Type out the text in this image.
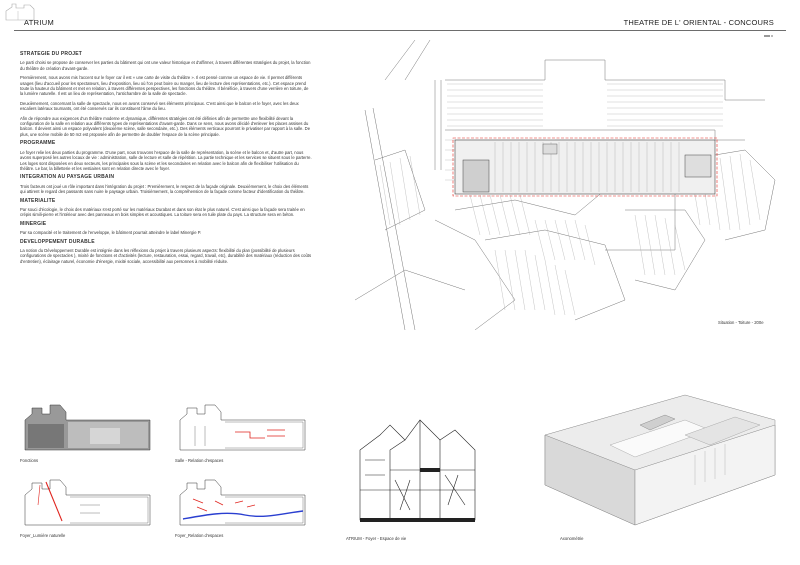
ATRIUM	THEATRE DE L' ORIENTAL - CONCOURS
STRATEGIE DU PROJET

Le parti choisi se propose de conserver les parties du bâtiment qui ont une valeur historique et d'affirmer, à travers différentes stratégies du projet, la fonction du théâtre de création d'avant-garde.

Premièrement, nous avons mis l'accent sur le foyer car il est « une carte de visite du théâtre ». Il est pensé comme un espace de vie. Il permet différents usages (lieu d'accueil pour les spectateurs, lieu d'exposition, lieu où l'on peut boire ou manger, lieu de lecture des représentations, etc.). Cet espace prend toute la hauteur du bâtiment et met en relation, à travers différentes perspectives, les fonctions du théâtre. Il bénéficie, à travers d'une verrière en toiture, de la lumière naturelle. Il est un lieu de représentation, l'antichambre de la salle de spectacle.

Deuxièmement, concernant la salle de spectacle, nous en avons conservé ses éléments principaux. C'est ainsi que le balcon et le foyer, avec les deux escaliers latéraux tournants, ont été conservés car ils constituent l'âme du lieu.

Afin de répondre aux exigences d'un théâtre moderne et dynamique, différentes stratégies ont été définies afin de permettre une flexibilité devant la configuration de la salle en relation aux différents types de représentations d'avant-garde. Dans ce sens, nous avons décidé d'enlever les places assises du balcon. Il devient ainsi un espace polyvalent (deuxième scène, salle secondaire, etc.). Des éléments verticaux pourront le privatiser par rapport à la salle. De plus, une scène mobile de 50 m2 est proposée afin de permettre de doubler l'espace de la scène principale.

PROGRAMME

Le foyer relie les deux parties du programme. D'une part, nous trouvons l'espace de la salle de représentation, la scène et le balcon et, d'autre part, nous avons superposé les autres locaux de vie : administration, salle de lecture et salle de répétition. La partie technique et les services se situent sous le parterre. Les loges sont disposées en deux secteurs, les principales sous la scène et les secondaires en relation avec le balcon afin de flexibiliser l'utilisation du théâtre. Le bar, la billetterie et les vestiaires sont en relation directe avec le foyer.

INTEGRATION AU PAYSAGE URBAIN

Trois facteurs ont joué un rôle important dans l'intégration du projet : Premièrement, le respect de la façade originale. Deuxièmement, le choix des éléments qui attirent le regard des passants sans nuire le paysage urbain. Troisièmement, la compréhension de la façade comme facteur d'identification du théâtre.

MATERIALITE

Par souci d'écologie, le choix des matériaux s'est porté sur les matériaux Durabat et dans son état le plus naturel. C'est ainsi que la façade sera traitée en crépis simili-pierre et l'intérieur avec des panneaux en bois simples et acoustiques. La toiture sera en tuile plate du pays. La structure sera en béton.

MINERGIE

Par sa compacité et le traitement de l'enveloppe, le bâtiment pourrait atteindre le label Minergie P.

DEVELOPPEMENT DURABLE

La notion du Développement Durable est intégrée dans les réflexions du projet à travers plusieurs aspects: flexibilité du plan (possibilité de plusieurs configurations de spectacles ), mixité de fonctions et d'activités (lecture, restauration, essai, regard, travail, etc), durabilité des matériaux (réduction des coûts d'entretien), éclairage naturel, économie d'énergie, mixité sociale, accessibilité aux personnes à mobilité réduite.

Situation - Toiture - 200e
Fonctions	Salle - Relation d'espaces
Foyer_Lumière naturelle	Foyer_Relation d'espaces
ATRIUM - Foyer - Espace de vie	Axonométrie
